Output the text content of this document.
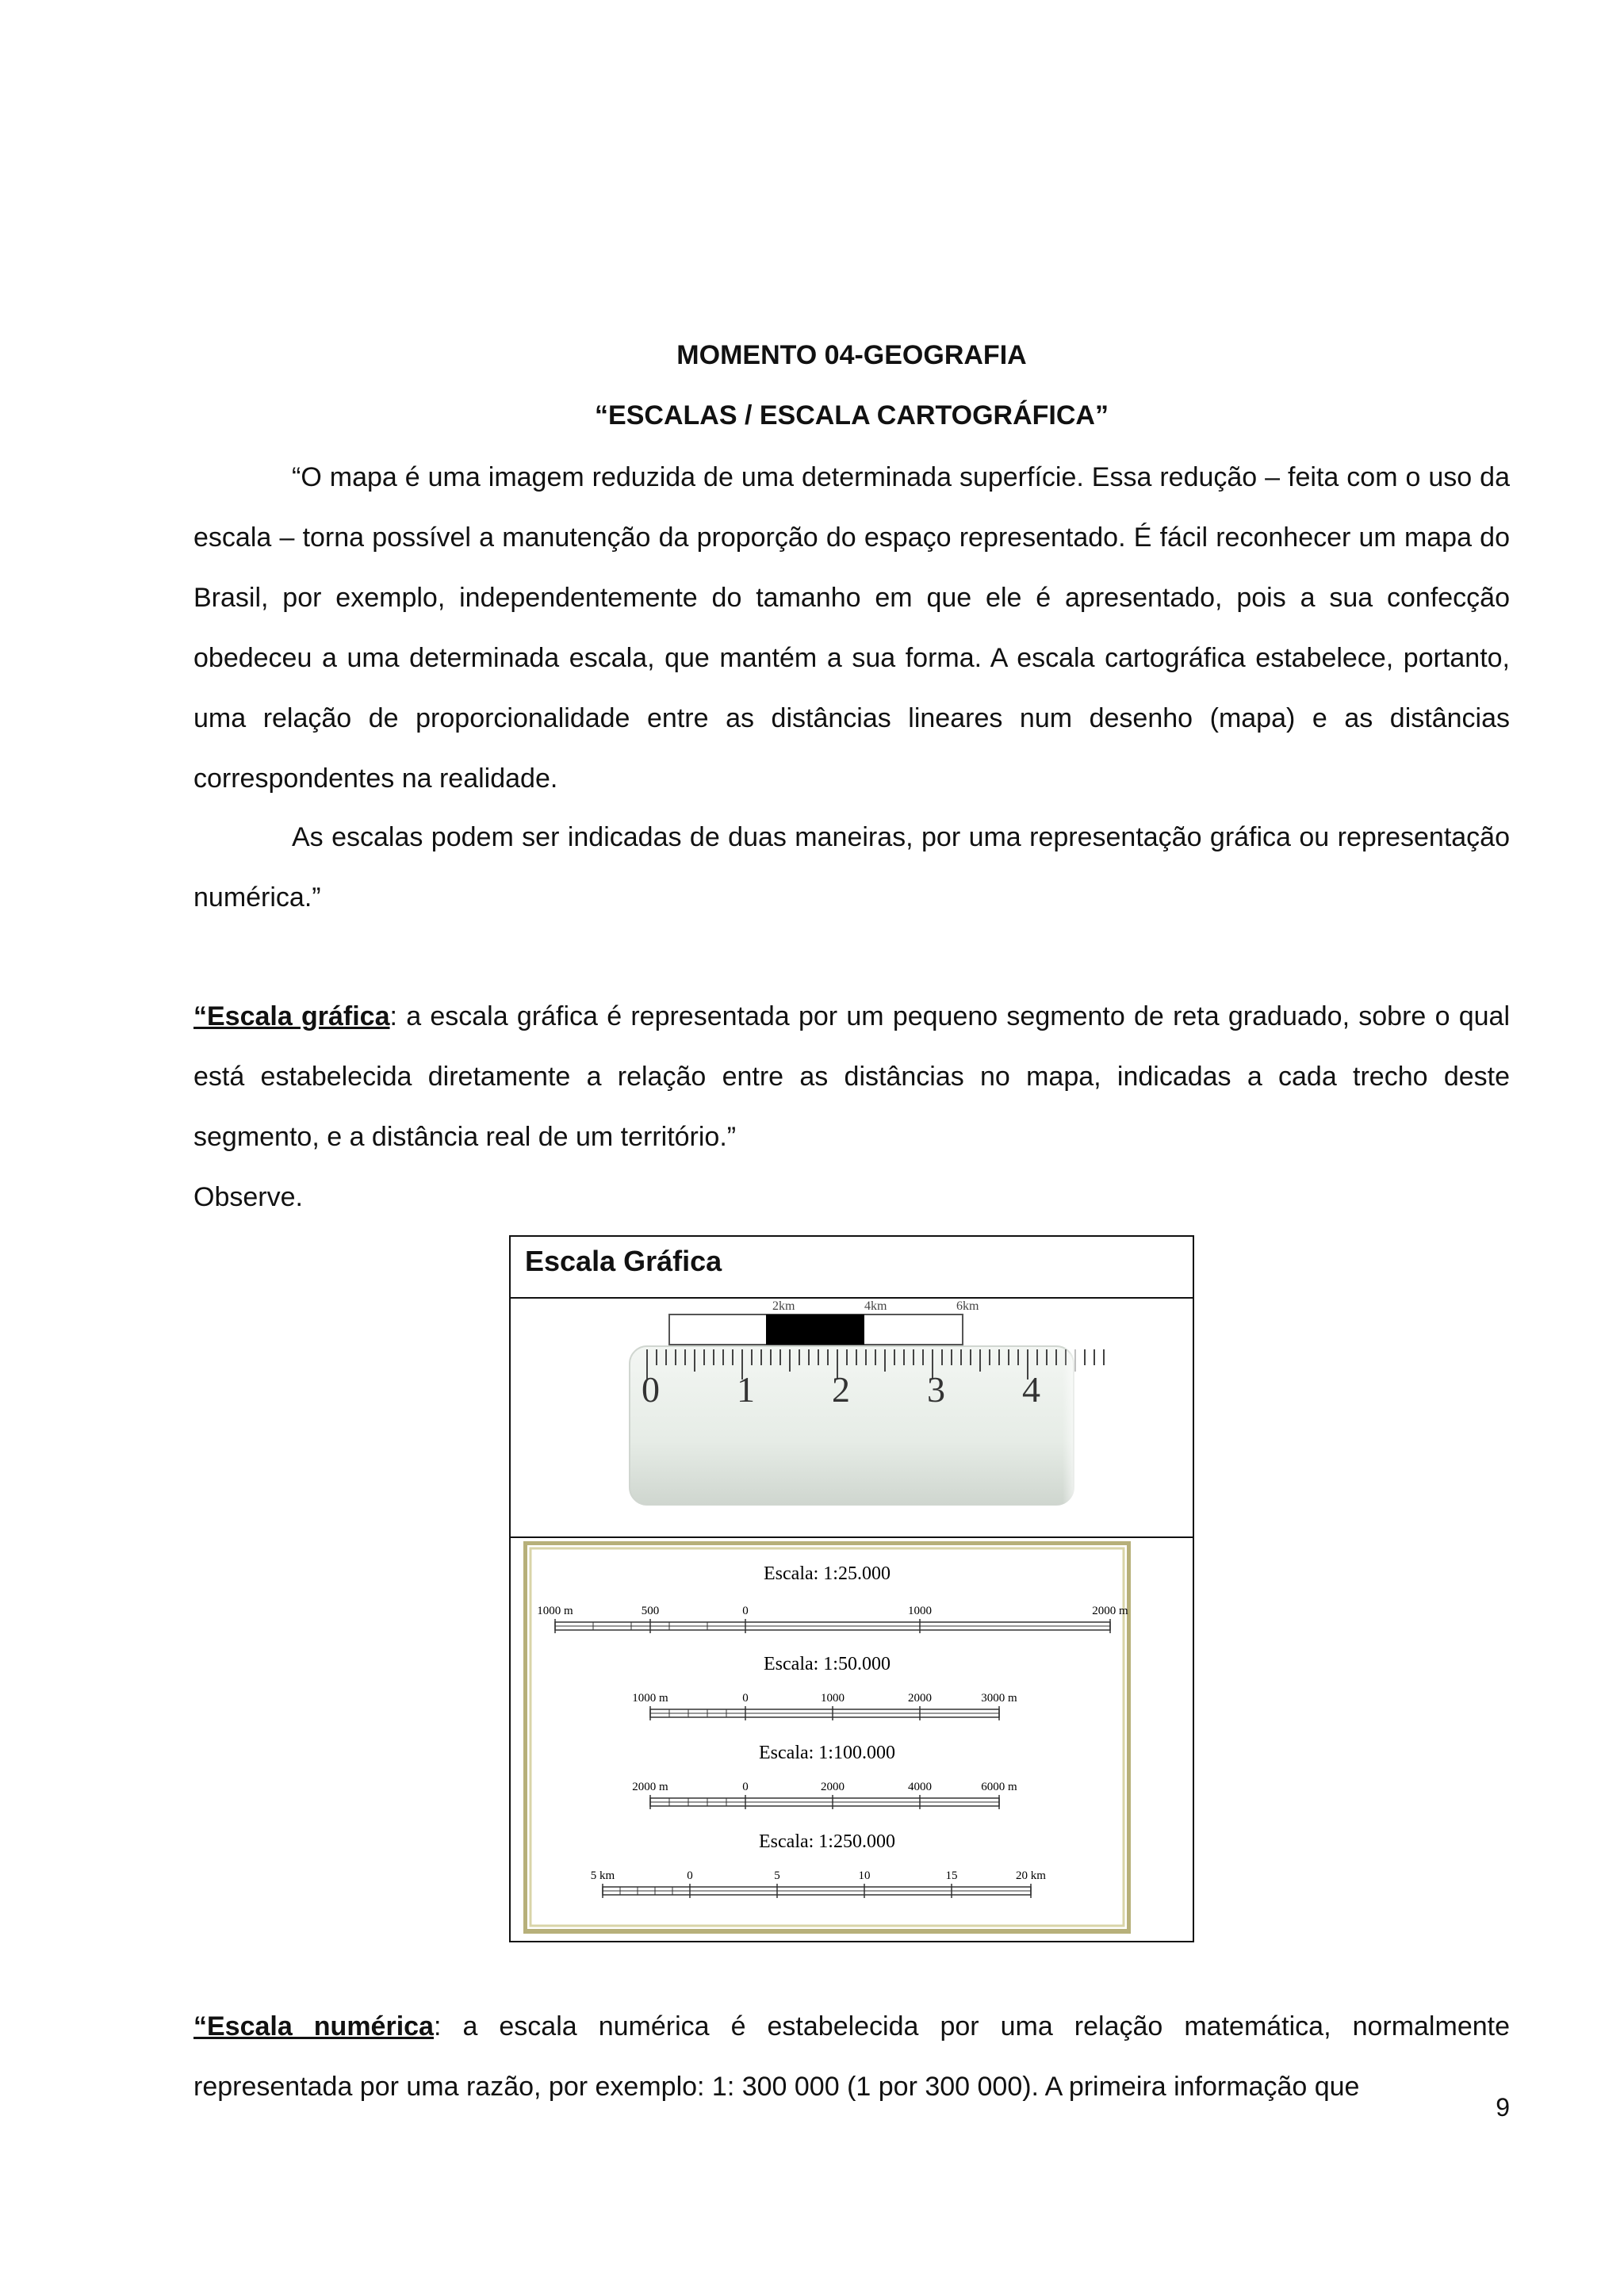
MOMENTO 04-GEOGRAFIA
“ESCALAS / ESCALA CARTOGRÁFICA”
“O mapa é uma imagem reduzida de uma determinada superfície. Essa redução – feita com o uso da escala – torna possível a manutenção da proporção do espaço representado. É fácil reconhecer um mapa do Brasil, por exemplo, independentemente do tamanho em que ele é apresentado, pois a sua confecção obedeceu a uma determinada escala, que mantém a sua forma. A escala cartográfica estabelece, portanto, uma relação de proporcionalidade entre as distâncias lineares num desenho (mapa) e as distâncias correspondentes na realidade.
As escalas podem ser indicadas de duas maneiras, por uma representação gráfica ou representação numérica.”
“Escala gráfica: a escala gráfica é representada por um pequeno segmento de reta graduado, sobre o qual está estabelecida diretamente a relação entre as distâncias no mapa, indicadas a cada trecho deste segmento, e a distância real de um território.”
Observe.
Escala Gráfica
2km	4km	6km
0 1 2 3
Escala: 1:25.000
1000 m	500	0	1000	2000 m
Escala: 1:50.000
1000 m	0	1000	2000	3000 m
Escala: 1:100.000
2000 m	0	2000	4000	6000 m
Escala: 1:250.000
5 km	0	5	10	15	20 km
“Escala numérica: a escala numérica é estabelecida por uma relação matemática, normalmente representada por uma razão, por exemplo: 1: 300 000 (1 por 300 000). A primeira informação que
9
